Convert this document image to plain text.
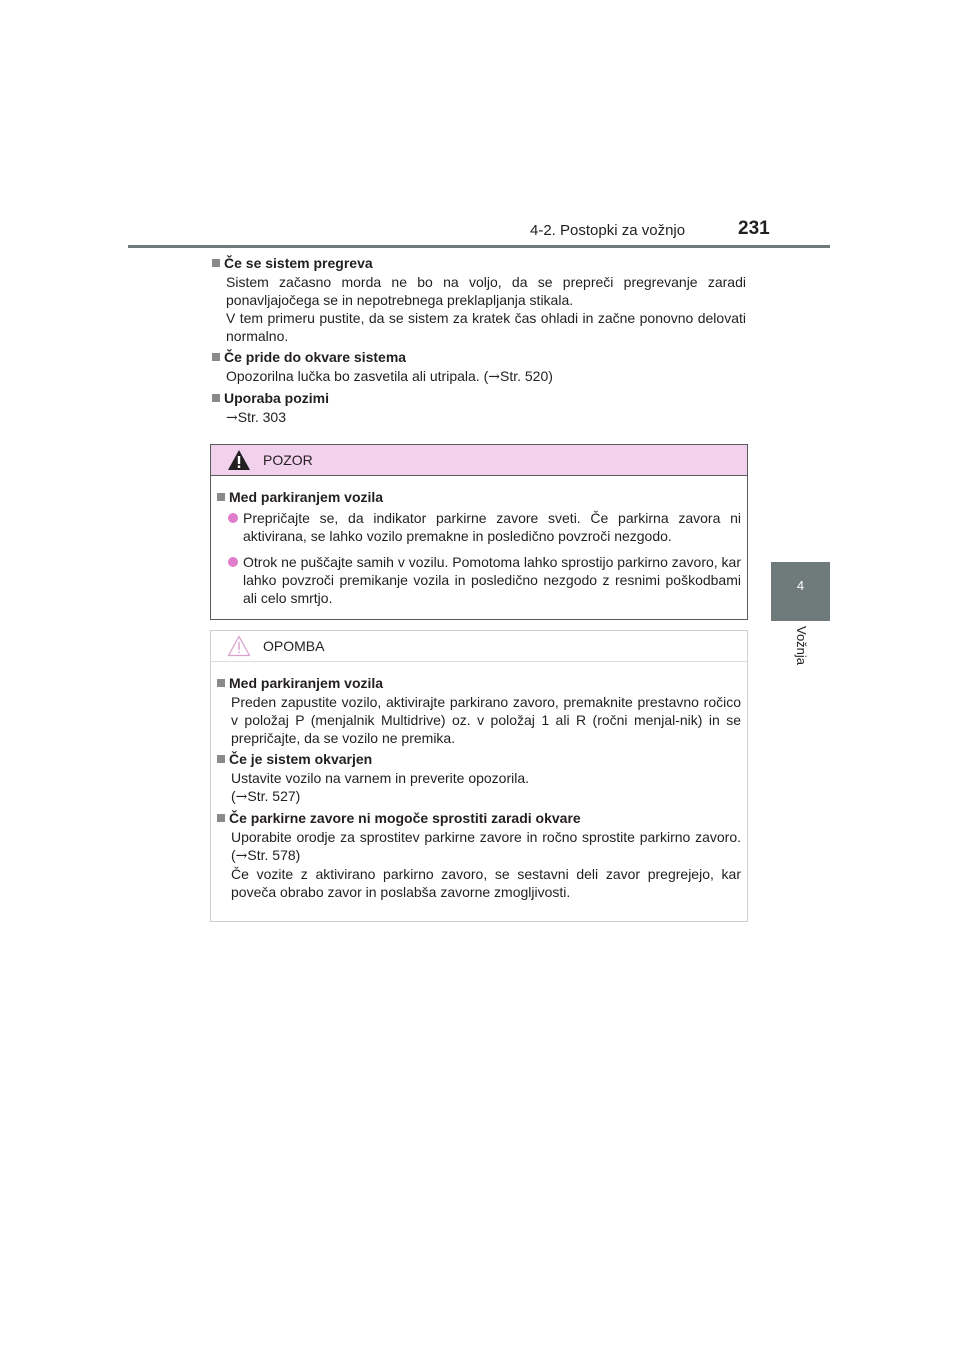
4-2. Postopki za vožnjo	231
4
Vožnja
Če se sistem pregreva
Sistem začasno morda ne bo na voljo, da se prepreči pregrevanje zaradi ponavljajočega se in nepotrebnega preklapljanja stikala.
V tem primeru pustite, da se sistem za kratek čas ohladi in začne ponovno delovati normalno.
Če pride do okvare sistema
Opozorilna lučka bo zasvetila ali utripala. (→Str. 520)
Uporaba pozimi
→Str. 303
POZOR
Med parkiranjem vozila
Prepričajte se, da indikator parkirne zavore sveti. Če parkirna zavora ni aktivirana, se lahko vozilo premakne in posledično povzroči nezgodo.
Otrok ne puščajte samih v vozilu. Pomotoma lahko sprostijo parkirno zavoro, kar lahko povzroči premikanje vozila in posledično nezgodo z resnimi poškodbami ali celo smrtjo.
OPOMBA
Med parkiranjem vozila
Preden zapustite vozilo, aktivirajte parkirano zavoro, premaknite prestavno ročico v položaj P (menjalnik Multidrive) oz. v položaj 1 ali R (ročni menjal-nik) in se prepričajte, da se vozilo ne premika.
Če je sistem okvarjen
Ustavite vozilo na varnem in preverite opozorila.
(→Str. 527)
Če parkirne zavore ni mogoče sprostiti zaradi okvare
Uporabite orodje za sprostitev parkirne zavore in ročno sprostite parkirno zavoro. (→Str. 578)
Če vozite z aktivirano parkirno zavoro, se sestavni deli zavor pregrejejo, kar poveča obrabo zavor in poslabša zavorne zmogljivosti.
